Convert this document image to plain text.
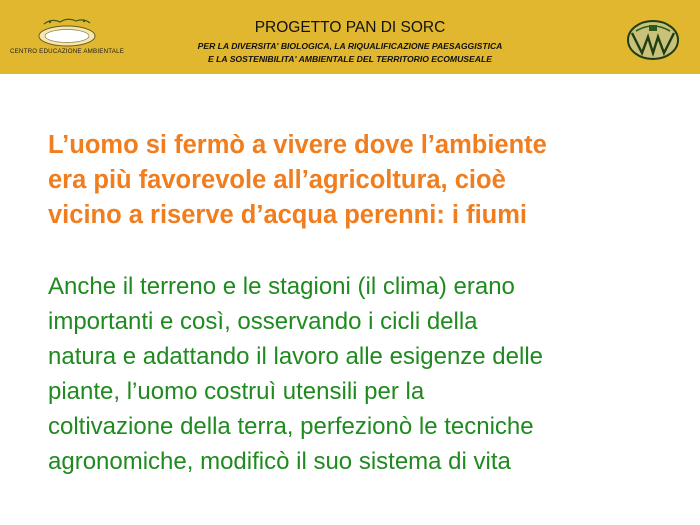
CENTRO EDUCAZIONE AMBIENTALE
PROGETTO PAN DI SORC
PER LA DIVERSITA' BIOLOGICA, LA RIQUALIFICAZIONE PAESAGGISTICA
E LA SOSTENIBILITA' AMBIENTALE DEL TERRITORIO ECOMUSEALE
L’uomo si fermò a vivere dove l’ambiente
era più favorevole all’agricoltura, cioè
vicino a riserve d’acqua perenni: i fiumi
Anche il terreno e le stagioni (il clima) erano
importanti e così, osservando i cicli della
natura e adattando il lavoro alle esigenze delle
piante, l’uomo costruì utensili per la
coltivazione della terra, perfezionò le tecniche
agronomiche, modificò il suo sistema di vita
